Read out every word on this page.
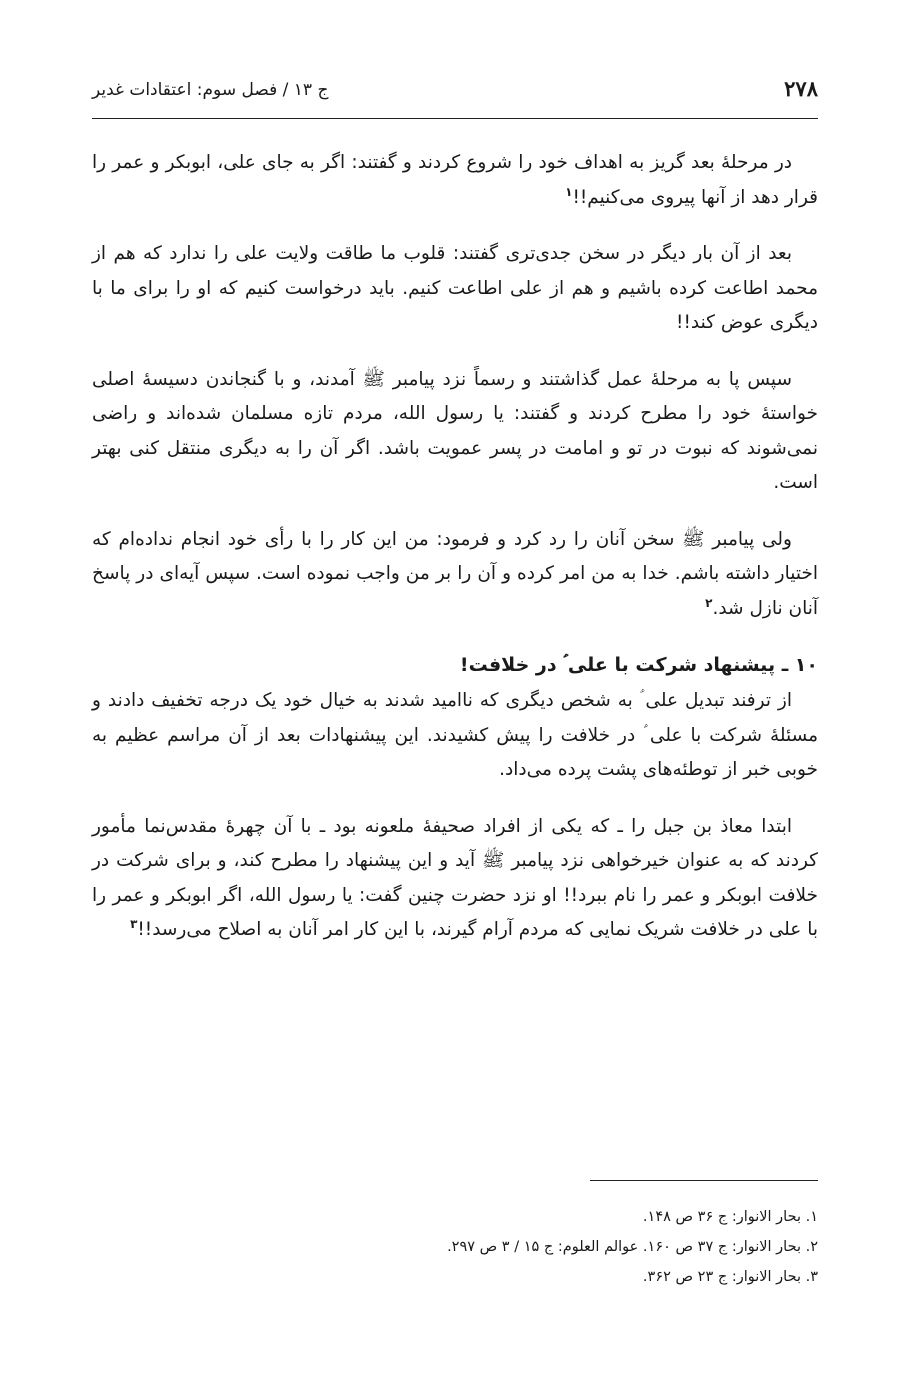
۲۷۸
ج ۱۳ / فصل سوم: اعتقادات غدیر

در مرحلهٔ بعد گریز به اهداف خود را شروع کردند و گفتند: اگر به جای علی، ابوبکر و عمر را قرار دهد از آنها پیروی می‌کنیم!!$^۱$

بعد از آن بار دیگر در سخن جدی‌تری گفتند: قلوب ما طاقت ولایت علی را ندارد که هم از محمد اطاعت کرده باشیم و هم از علی اطاعت کنیم. باید درخواست کنیم که او را برای ما با دیگری عوض کند!!

سپس پا به مرحلهٔ عمل گذاشتند و رسماً نزد پیامبر ﷺ آمدند، و با گنجاندن دسیسهٔ اصلی خواستهٔ خود را مطرح کردند و گفتند: یا رسول الله، مردم تازه مسلمان شده‌اند و راضی نمی‌شوند که نبوت در تو و امامت در پسر عمویت باشد. اگر آن را به دیگری منتقل کنی بهتر است.

ولی پیامبر ﷺ سخن آنان را رد کرد و فرمود: من این کار را با رأی خود انجام نداده‌ام که اختیار داشته باشم. خدا به من امر کرده و آن را بر من واجب نموده است. سپس آیه‌ای در پاسخ آنان نازل شد.$^۲$

۱۰ ـ پیشنهاد شرکت با علی ؑ در خلافت!

از ترفند تبدیل علی ؑ به شخص دیگری که ناامید شدند به خیال خود یک درجه تخفیف دادند و مسئلهٔ شرکت با علی ؑ در خلافت را پیش کشیدند. این پیشنهادات بعد از آن مراسم عظیم به خوبی خبر از توطئه‌های پشت پرده می‌داد.

ابتدا معاذ بن جبل را ـ که یکی از افراد صحیفهٔ ملعونه بود ـ با آن چهرهٔ مقدس‌نما مأمور کردند که به عنوان خیرخواهی نزد پیامبر ﷺ آید و این پیشنهاد را مطرح کند، و برای شرکت در خلافت ابوبکر و عمر را نام ببرد!! او نزد حضرت چنین گفت: یا رسول الله، اگر ابوبکر و عمر را با علی در خلافت شریک نمایی که مردم آرام گیرند، با این کار امر آنان به اصلاح می‌رسد!!$^۳$

۱. بحار الانوار: ج ۳۶ ص ۱۴۸.

۲. بحار الانوار: ج ۳۷ ص ۱۶۰. عوالم العلوم: ج ۱۵ / ۳ ص ۲۹۷.

۳. بحار الانوار: ج ۲۳ ص ۳۶۲.
